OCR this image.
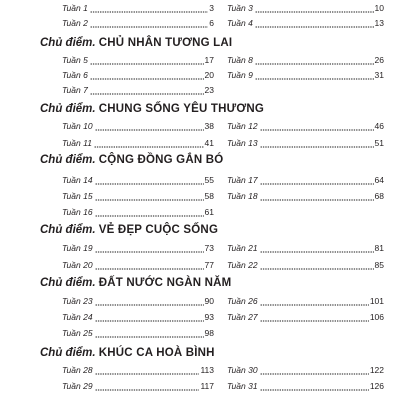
Tuần 1	3
Tuần 2	6
Tuần 3	10
Tuần 4	13
Chủ điểm. CHỦ NHÂN TƯƠNG LAI
Tuần 5	17
Tuần 6	20
Tuần 7	23
Tuần 8	26
Tuần 9	31
Chủ điểm. CHUNG SỐNG YÊU THƯƠNG
Tuần 10	38
Tuần 11	41
Tuần 12	46
Tuần 13	51
Chủ điểm. CỘNG ĐỒNG GẮN BÓ
Tuần 14	55
Tuần 15	58
Tuần 16	61
Tuần 17	64
Tuần 18	68
Chủ điểm. VẺ ĐẸP CUỘC SỐNG
Tuần 19	73
Tuần 20	77
Tuần 21	81
Tuần 22	85
Chủ điểm. ĐẤT NƯỚC NGÀN NĂM
Tuần 23	90
Tuần 24	93
Tuần 25	98
Tuần 26	101
Tuần 27	106
Chủ điểm. KHÚC CA HOÀ BÌNH
Tuần 28	113
Tuần 29	117
Tuần 30	122
Tuần 31	126
